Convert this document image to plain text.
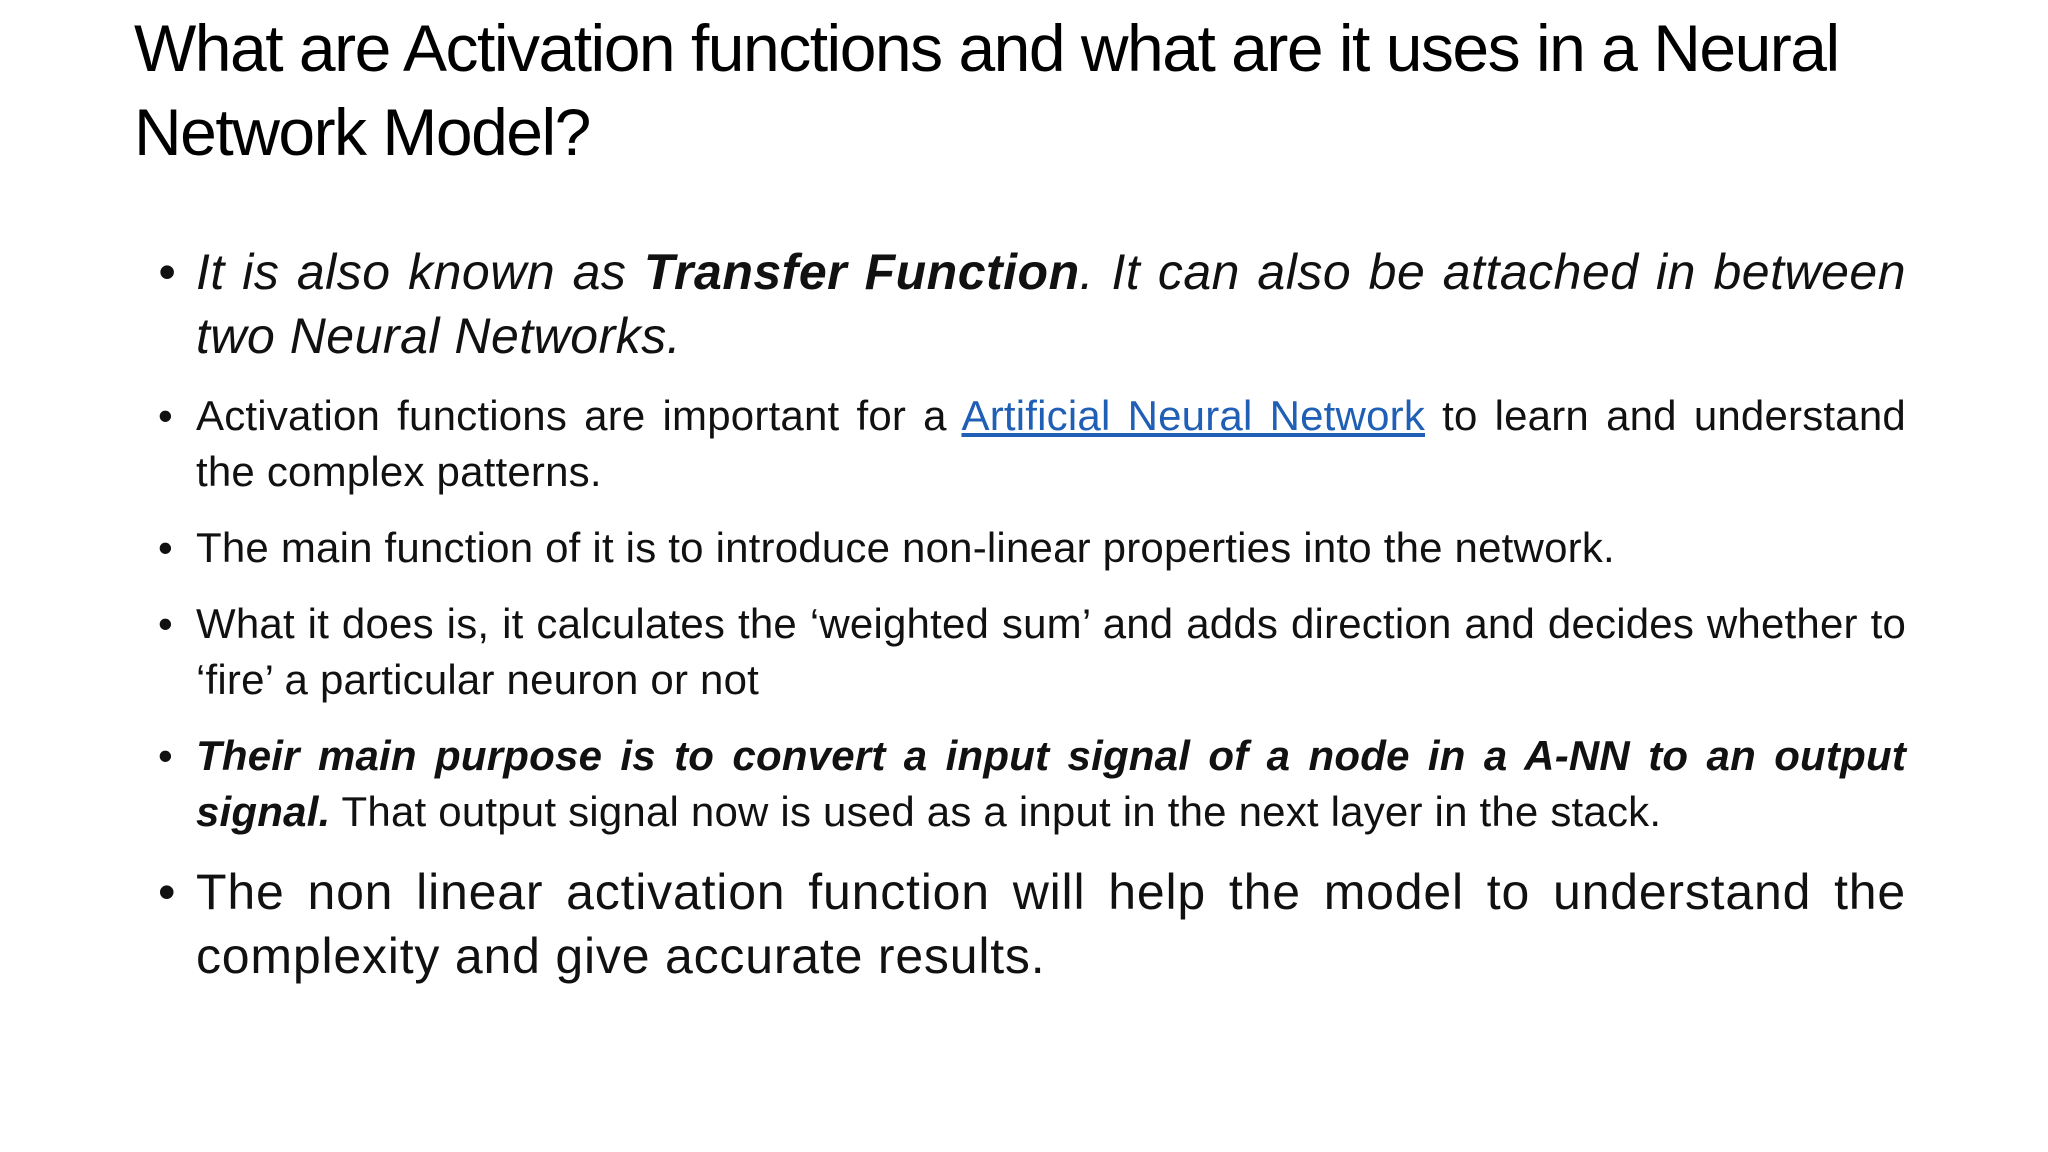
What are Activation functions and what are it uses in a Neural Network Model?
• It is also known as Transfer Function. It can also be attached in between two Neural Networks.
• Activation functions are important for a Artificial Neural Network to learn and understand the complex patterns.
• The main function of it is to introduce non-linear properties into the network.
• What it does is, it calculates the ‘weighted sum’ and adds direction and decides whether to ‘fire’ a particular neuron or not
• Their main purpose is to convert a input signal of a node in a A-NN to an output signal. That output signal now is used as a input in the next layer in the stack.
• The non linear activation function will help the model to understand the complexity and give accurate results.
